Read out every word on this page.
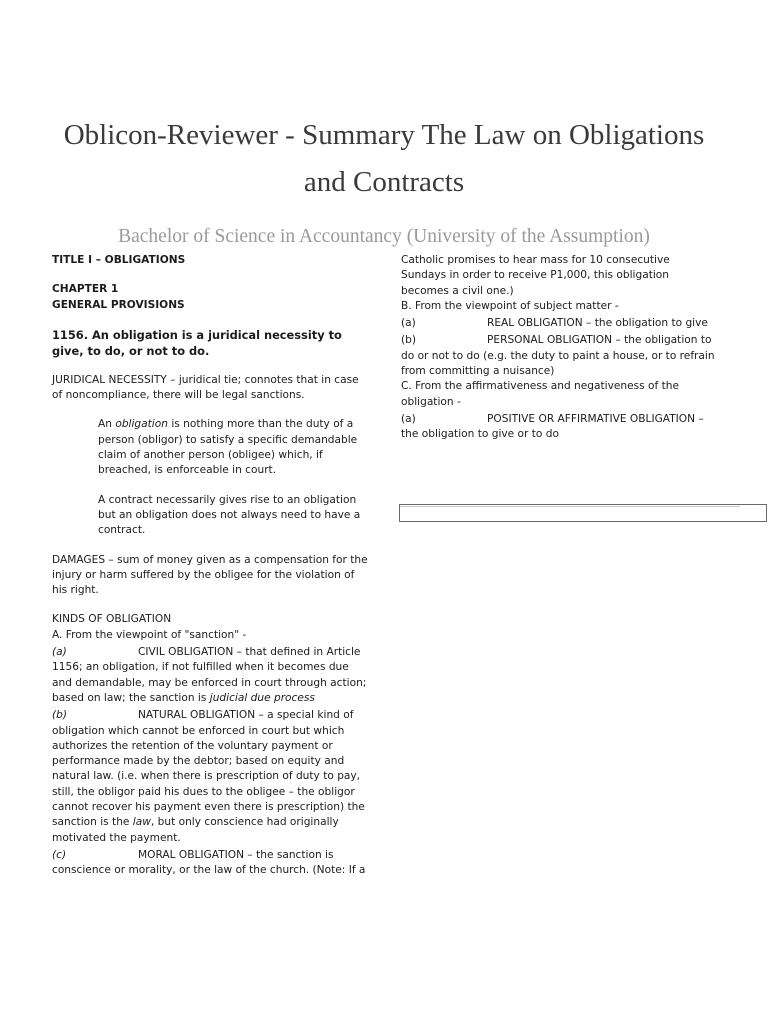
Oblicon-Reviewer - Summary The Law on Obligations and Contracts
Bachelor of Science in Accountancy (University of the Assumption)

TITLE I – OBLIGATIONS

CHAPTER 1

GENERAL PROVISIONS

1156. An obligation is a juridical necessity to give, to do, or not to do.

JURIDICAL NECESSITY – juridical tie; connotes that in case of noncompliance, there will be legal sanctions.

An obligation is nothing more than the duty of a person (obligor) to satisfy a specific demandable claim of another person (obligee) which, if breached, is enforceable in court.

A contract necessarily gives rise to an obligation but an obligation does not always need to have a contract.

DAMAGES – sum of money given as a compensation for the injury or harm suffered by the obligee for the violation of his right.

KINDS OF OBLIGATION

A. From the viewpoint of "sanction" -

(a)	CIVIL OBLIGATION – that defined in Article

1156; an obligation, if not fulfilled when it becomes due and demandable, may be enforced in court through action; based on law; the sanction is judicial due process

(b)	NATURAL OBLIGATION – a special kind of

obligation which cannot be enforced in court but which authorizes the retention of the voluntary payment or performance made by the debtor; based on equity and natural law. (i.e. when there is prescription of duty to pay, still, the obligor paid his dues to the obligee – the obligor cannot recover his payment even there is prescription) the sanction is the law, but only conscience had originally motivated the payment.

(c)	MORAL OBLIGATION – the sanction is

conscience or morality, or the law of the church. (Note: If a

Catholic promises to hear mass for 10 consecutive Sundays in order to receive P1,000, this obligation becomes a civil one.)

B. From the viewpoint of subject matter -

(a)	REAL OBLIGATION – the obligation to give
(b)	PERSONAL OBLIGATION – the obligation to

do or not to do (e.g. the duty to paint a house, or to refrain from committing a nuisance)

C. From the affirmativeness and negativeness of the obligation -

(a)	POSITIVE OR AFFIRMATIVE OBLIGATION –

the obligation to give or to do
